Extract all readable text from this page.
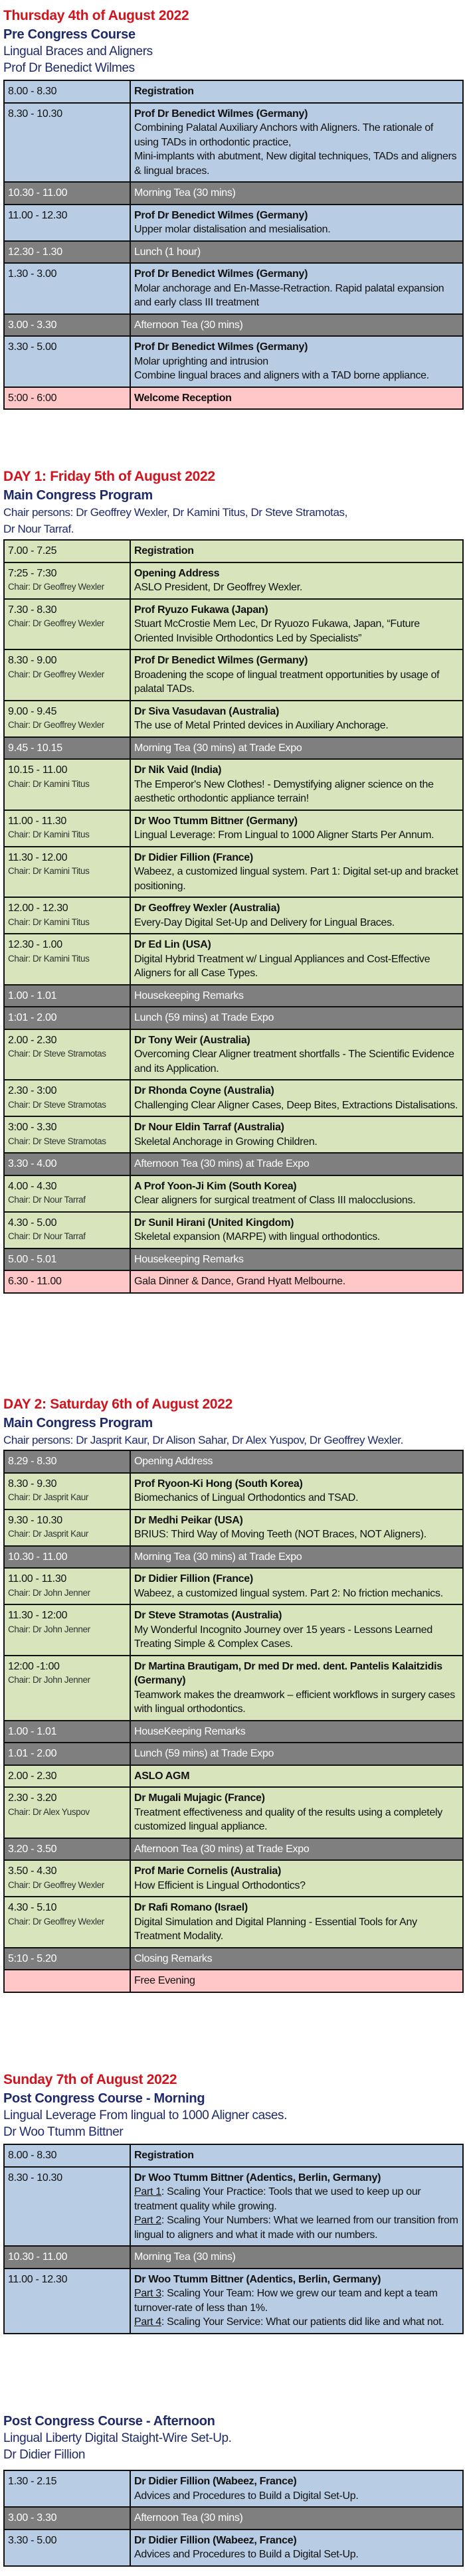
Thursday 4th of August 2022
Pre Congress Course
Lingual Braces and Aligners
Prof Dr Benedict Wilmes
8.00 - 8.30	Registration

8.30 - 10.30	Prof Dr Benedict Wilmes (Germany)
Combining Palatal Auxiliary Anchors with Aligners. The rationale of using TADs in orthodontic practice,
Mini-implants with abutment, New digital techniques, TADs and aligners & lingual braces.

10.30 - 11.00	Morning Tea (30 mins)

11.00 - 12.30	Prof Dr Benedict Wilmes (Germany)
Upper molar distalisation and mesialisation.

12.30 - 1.30	Lunch (1 hour)

1.30 - 3.00	Prof Dr Benedict Wilmes (Germany)
Molar anchorage and En-Masse-Retraction. Rapid palatal expansion and early class III treatment

3.00 - 3.30	Afternoon Tea (30 mins)

3.30 - 5.00	Prof Dr Benedict Wilmes (Germany)
Molar uprighting and intrusion
Combine lingual braces and aligners with a TAD borne appliance.

5:00 - 6:00	Welcome Reception
DAY 1: Friday 5th of August 2022
Main Congress Program
Chair persons: Dr Geoffrey Wexler, Dr Kamini Titus, Dr Steve Stramotas,
Dr Nour Tarraf.
7.00 - 7.25	Registration

7:25 - 7:30
Chair: Dr Geoffrey Wexler	Opening Address
ASLO President, Dr Geoffrey Wexler.

7.30 - 8.30
Chair: Dr Geoffrey Wexler	Prof Ryuzo Fukawa (Japan)
Stuart McCrostie Mem Lec, Dr Ryuozo Fukawa, Japan, “Future Oriented Invisible Orthodontics Led by Specialists”

8.30 - 9.00
Chair: Dr Geoffrey Wexler	Prof Dr Benedict Wilmes (Germany)
Broadening the scope of lingual treatment opportunities by usage of palatal TADs.

9.00 - 9.45
Chair: Dr Geoffrey Wexler	Dr Siva Vasudavan (Australia)
The use of Metal Printed devices in Auxiliary Anchorage.

9.45 - 10.15	Morning Tea (30 mins) at Trade Expo

10.15 - 11.00
Chair: Dr Kamini Titus	Dr Nik Vaid (India)
The Emperor's New Clothes! - Demystifying aligner science on the aesthetic orthodontic appliance terrain!

11.00 - 11.30
Chair: Dr Kamini Titus	Dr Woo Ttumm Bittner (Germany)
Lingual Leverage: From Lingual to 1000 Aligner Starts Per Annum.

11.30 - 12.00
Chair: Dr Kamini Titus	Dr Didier Fillion (France)
Wabeez, a customized lingual system. Part 1: Digital set-up and bracket positioning.

12.00 - 12.30
Chair: Dr Kamini Titus	Dr Geoffrey Wexler (Australia)
Every-Day Digital Set-Up and Delivery for Lingual Braces.

12.30 - 1.00
Chair: Dr Kamini Titus	Dr Ed Lin (USA)
Digital Hybrid Treatment w/ Lingual Appliances and Cost-Effective Aligners for all Case Types.

1.00 - 1.01	Housekeeping Remarks

1:01 - 2.00	Lunch (59 mins) at Trade Expo

2.00 - 2.30
Chair: Dr Steve Stramotas	Dr Tony Weir (Australia)
Overcoming Clear Aligner treatment shortfalls - The Scientific Evidence and its Application.

2.30 - 3:00
Chair: Dr Steve Stramotas	Dr Rhonda Coyne (Australia)
Challenging Clear Aligner Cases, Deep Bites, Extractions Distalisations.

3:00 - 3.30
Chair: Dr Steve Stramotas	Dr Nour Eldin Tarraf (Australia)
Skeletal Anchorage in Growing Children.

3.30 - 4.00	Afternoon Tea (30 mins) at Trade Expo

4.00 - 4.30
Chair: Dr Nour Tarraf	A Prof Yoon-Ji Kim (South Korea)
Clear aligners for surgical treatment of Class III malocclusions.

4.30 - 5.00
Chair: Dr Nour Tarraf	Dr Sunil Hirani (United Kingdom)
Skeletal expansion (MARPE) with lingual orthodontics.

5.00 - 5.01	Housekeeping Remarks

6.30 - 11.00	Gala Dinner & Dance, Grand Hyatt Melbourne.
DAY 2: Saturday 6th of August 2022
Main Congress Program
Chair persons: Dr Jasprit Kaur, Dr Alison Sahar, Dr Alex Yuspov, Dr Geoffrey Wexler.
8.29 - 8.30	Opening Address

8.30 - 9.30
Chair: Dr Jasprit Kaur	Prof Ryoon-Ki Hong (South Korea)
Biomechanics of Lingual Orthodontics and TSAD.

9.30 - 10.30
Chair: Dr Jasprit Kaur	Dr Medhi Peikar (USA)
BRIUS: Third Way of Moving Teeth (NOT Braces, NOT Aligners).

10.30 - 11.00	Morning Tea (30 mins) at Trade Expo

11.00 - 11.30
Chair: Dr John Jenner	Dr Didier Fillion (France)
Wabeez, a customized lingual system. Part 2: No friction mechanics.

11.30 - 12:00
Chair: Dr John Jenner	Dr Steve Stramotas (Australia)
My Wonderful Incognito Journey over 15 years - Lessons Learned Treating Simple & Complex Cases.

12:00 -1:00
Chair: Dr John Jenner	Dr Martina Brautigam, Dr med Dr med. dent. Pantelis Kalaitzidis (Germany)
Teamwork makes the dreamwork – efficient workflows in surgery cases with lingual orthodontics.

1.00 - 1.01	HouseKeeping Remarks

1.01 - 2.00	Lunch (59 mins) at Trade Expo

2.00 - 2.30	ASLO AGM

2.30 - 3.20
Chair: Dr Alex Yuspov	Dr Mugali Mujagic (France)
Treatment effectiveness and quality of the results using a completely customized lingual appliance.

3.20 - 3.50	Afternoon Tea (30 mins) at Trade Expo

3.50 - 4.30
Chair: Dr Geoffrey Wexler	Prof Marie Cornelis (Australia)
How Efficient is Lingual Orthodontics?

4.30 - 5.10
Chair: Dr Geoffrey Wexler	Dr Rafi Romano (Israel)
Digital Simulation and Digital Planning - Essential Tools for Any Treatment Modality.

5:10 - 5.20	Closing Remarks

	Free Evening
Sunday 7th of August 2022
Post Congress Course - Morning
Lingual Leverage From lingual to 1000 Aligner cases.
Dr Woo Ttumm Bittner
8.00 - 8.30	Registration

8.30 - 10.30	Dr Woo Ttumm Bittner (Adentics, Berlin, Germany)
Part 1: Scaling Your Practice: Tools that we used to keep up our treatment quality while growing.
Part 2: Scaling Your Numbers: What we learned from our transition from lingual to aligners and what it made with our numbers.

10.30 - 11.00	Morning Tea (30 mins)

11.00 - 12.30	Dr Woo Ttumm Bittner (Adentics, Berlin, Germany)
Part 3: Scaling Your Team: How we grew our team and kept a team turnover-rate of less than 1%.
Part 4: Scaling Your Service: What our patients did like and what not.
Post Congress Course - Afternoon
Lingual Liberty Digital Staight-Wire Set-Up.
Dr Didier Fillion
1.30 - 2.15	Dr Didier Fillion (Wabeez, France)
Advices and Procedures to Build a Digital Set-Up.

3.00 - 3.30	Afternoon Tea (30 mins)

3.30 - 5.00	Dr Didier Fillion (Wabeez, France)
Advices and Procedures to Build a Digital Set-Up.
